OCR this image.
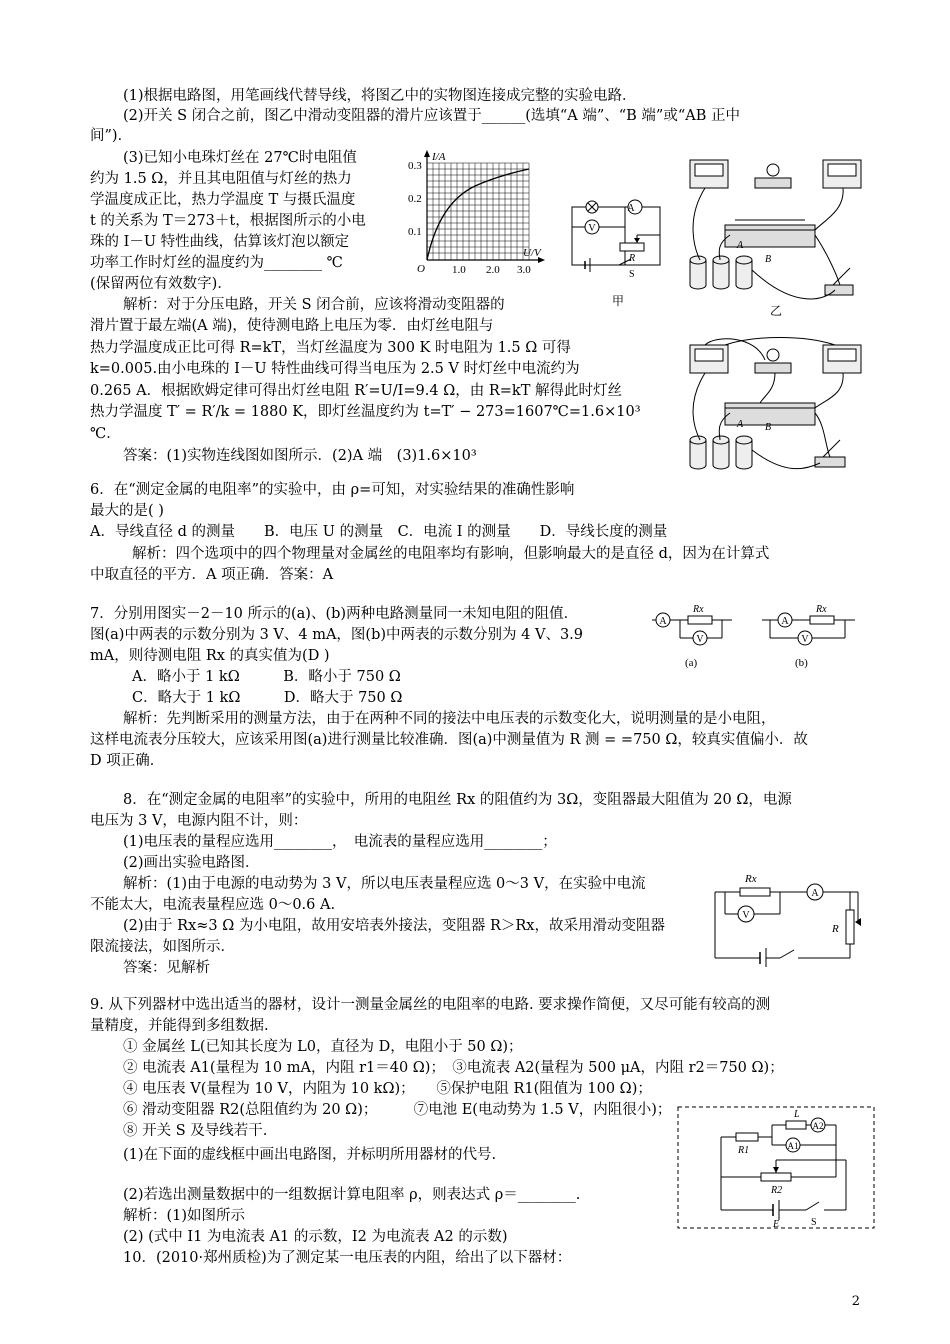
(1)根据电路图，用笔画线代替导线，将图乙中的实物图连接成完整的实验电路．
(2)开关 S 闭合之前，图乙中滑动变阻器的滑片应该置于______(选填“A 端”、“B 端”或“AB 正中
间”)．
(3)已知小电珠灯丝在 27℃时电阻值
约为 1.5 Ω，并且其电阻值与灯丝的热力
学温度成正比，热力学温度 T 与摄氏温度
t 的关系为 T＝273＋t，根据图所示的小电
珠的 I－U 特性曲线，估算该灯泡以额定
功率工作时灯丝的温度约为________ ℃
(保留两位有效数字)．
解析：对于分压电路，开关 S 闭合前，应该将滑动变阻器的
滑片置于最左端(A 端)，使待测电路上电压为零．由灯丝电阻与
热力学温度成正比可得 R=kT，当灯丝温度为 300 K 时电阻为 1.5 Ω 可得
k=0.005.由小电珠的 I－U 特性曲线可得当电压为 2.5 V 时灯丝中电流约为
0.265 A．根据欧姆定律可得出灯丝电阻 R′=U/I=9.4 Ω，由 R=kT 解得此时灯丝
热力学温度 T′ = R′/k = 1880 K，即灯丝温度约为 t=T′ − 273=1607℃=1.6×10³
℃．
答案：(1)实物连线图如图所示．(2)A 端　(3)1.6×10³
6．在“测定金属的电阻率”的实验中，由 ρ=可知，对实验结果的准确性影响
最大的是( )
A．导线直径 d 的测量　　B．电压 U 的测量　C．电流 I 的测量　　D．导线长度的测量
解析：四个选项中的四个物理量对金属丝的电阻率均有影响，但影响最大的是直径 d，因为在计算式
中取直径的平方．A 项正确．答案：A
7．分别用图实－2－10 所示的(a)、(b)两种电路测量同一未知电阻的阻值．
图(a)中两表的示数分别为 3 V、4 mA，图(b)中两表的示数分别为 4 V、3.9
mA，则待测电阻 Rx 的真实值为(D )
A．略小于 1 kΩ　　　B．略小于 750 Ω
C．略大于 1 kΩ　　　D．略大于 750 Ω
解析：先判断采用的测量方法，由于在两种不同的接法中电压表的示数变化大，说明测量的是小电阻，
这样电流表分压较大，应该采用图(a)进行测量比较准确．图(a)中测量值为 R 测 = =750 Ω，较真实值偏小．故
D 项正确．
8．在“测定金属的电阻率”的实验中，所用的电阻丝 Rx 的阻值约为 3Ω，变阻器最大阻值为 20 Ω，电源
电压为 3 V，电源内阻不计，则：
(1)电压表的量程应选用________，　电流表的量程应选用________；
(2)画出实验电路图．
解析：(1)由于电源的电动势为 3 V，所以电压表量程应选 0～3 V，在实验中电流
不能太大，电流表量程应选 0～0.6 A.
(2)由于 Rx≈3 Ω 为小电阻，故用安培表外接法，变阻器 R＞Rx，故采用滑动变阻器
限流接法，如图所示．
答案：见解析
9. 从下列器材中选出适当的器材，设计一测量金属丝的电阻率的电路. 要求操作简便，又尽可能有较高的测
量精度，并能得到多组数据.
① 金属丝 L(已知其长度为 L0，直径为 D，电阻小于 50 Ω)；
② 电流表 A1(量程为 10 mA，内阻 r1＝40 Ω)；　③电流表 A2(量程为 500 μA，内阻 r2＝750 Ω)；
④ 电压表 V(量程为 10 V，内阻为 10 kΩ)；　　⑤保护电阻 R1(阻值为 100 Ω)；
⑥ 滑动变阻器 R2(总阻值约为 20 Ω)；　　　⑦电池 E(电动势为 1.5 V，内阻很小)；
⑧ 开关 S 及导线若干.
(1)在下面的虚线框中画出电路图，并标明所用器材的代号.
(2)若选出测量数据中的一组数据计算电阻率 ρ，则表达式 ρ＝________.
解析：(1)如图所示
(2) (式中 I1 为电流表 A1 的示数，I2 为电流表 A2 的示数)
10．(2010·郑州质检)为了测定某一电压表的内阻，给出了以下器材：
2
I/A
U/V
O
0.1
0.2
0.3
1.0 2.0 3.0
A
V
R
S
甲
A
B
乙
A B
A
V
Rx
A
V
Rx
(a)	(b)
Rx
A
V
R
L
A2
A1
R1
R2
E	S
